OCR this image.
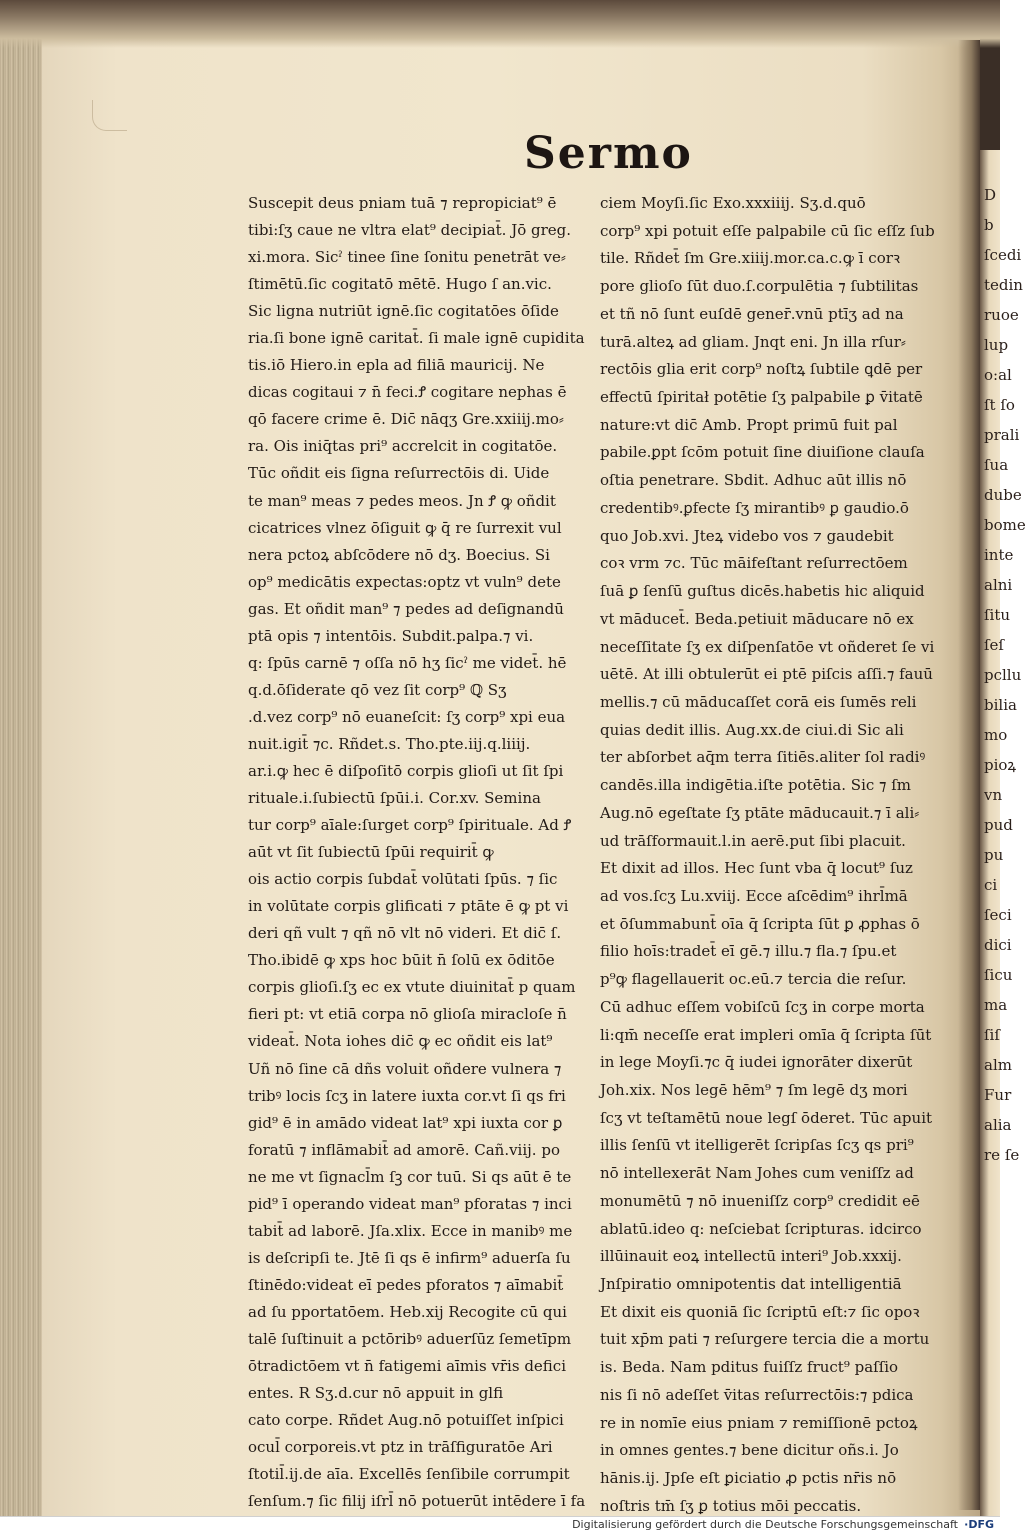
D
b
ſcedi
tedin
ruoe
lup
o:al
ſt ſo
prali
ſua
dube
bome
inte
alni
ſitu
ſeſ
pcllu
bilia
mo
pioꝝ
vn
pud
pu
ci
ſeci
dici
ſicu
ma
ſiſ
alm
Fur
alia
re ſe
Sermo
Suscepit deus pniam tuā ⁊ repropiciat⁹ ē
tibi:ſʒ caue ne vltra elat⁹ decipiat̄. Jō greg.
xi.mora. Sicˀ tinee ſine ſonitu penetrāt ve⸗
ſtimētū.ſic cogitatō mētē. Hugo ſ an.vic.
Sic ligna nutriūt ignē.ſic cogitatōes ōſide
ria.ſi bone ignē caritat̄. ſi male ignē cupidita
tis.iō Hiero.in epla ad filiā mauricij. Ne
dicas cogitaui ⁊ n̄ feci.Ꝭ cogitare nephas ē
qō facere crime ē. Dic̄ nāqʒ Gre.xxiiij.mo⸗
ra. Ois iniq̄tas pri⁹ accrelcit in cogitatōe.
Tūc oñdit eis ſigna reſurrectōis di. Uide
te man⁹ meas ⁊ pedes meos. Jn Ꝭ ꝙ oñdit
cicatrices vlnez ōſiguit ꝙ q̄ re ſurrexit vul
nera pctoꝝ abſcōdere nō dʒ. Boecius. Si
op⁹ medicātis expectas:optz vt vuln⁹ dete
gas. Et oñdit man⁹ ⁊ pedes ad deſignandū
ptā opis ⁊ intentōis. Subdit.palpa.⁊ vi.
q: ſpūs carnē ⁊ oſſa nō hʒ ſicˀ me videt̄. hē
q.d.ōſiderate qō vez ſit corp⁹ ℚ Sʒ
.d.vez corp⁹ nō euaneſcit: ſʒ corp⁹ xpi eua
nuit.igit̄ ⁊c. Rñdet.s. Tho.pte.iij.q.liiij.
ar.i.ꝙ hec ē diſpoſitō corpis glioſi ut ſit ſpi
rituale.i.ſubiectū ſpūi.i. Cor.xv. Semina
tur corp⁹ aīale:ſurget corp⁹ ſpirituale. Ad Ꝭ
aūt vt ſit ſubiectū ſpūi requirit̄ ꝙ
ois actio corpis ſubdat̄ volūtati ſpūs. ⁊ ſic
in volūtate corpis glificati ⁊ ptāte ē ꝙ pt vi
deri qñ vult ⁊ qñ nō vlt nō videri. Et dic̄ ſ.
Tho.ibidē ꝙ xps hoc būit n̄ ſolū ex ōditōe
corpis glioſi.ſʒ ec ex vtute diuinitat̄ p quam
fieri pt: vt etiā corpa nō glioſa miracloſe n̄
videat̄. Nota iohes dic̄ ꝙ ec oñdit eis lat⁹
Uñ nō ſine cā dñs voluit oñdere vulnera ⁊
tribꝰ locis ſcʒ in latere iuxta cor.vt ſi qs fri
gid⁹ ē in amādo videat lat⁹ xpi iuxta cor ꝑ
foratū ⁊ inflāmabit̄ ad amorē. Cañ.viij. po
ne me vt ſignacl̄m ſꝫ cor tuū. Si qs aūt ē te
pid⁹ ī operando videat man⁹ pforatas ⁊ inci
tabit̄ ad laborē. Jſa.xlix. Ecce in manibꝰ me
is deſcripſi te. Jtē ſi qs ē infirm⁹ aduerſa ſu
ſtinēdo:videat eī pedes pforatos ⁊ aīmabit̄
ad ſu pportatōem. Heb.xij Recogite cū qui
talē ſuſtinuit a pctōribꝰ aduerſūz ſemetīpm
ōtradictōem vt n̄ fatigemi aīmis vr̄is defici
entes. R Sʒ.d.cur nō appuit in glfi
cato corpe. Rñdet Aug.nō potuiſſet inſpici
ocul̄ corporeis.vt ptz in trāſfiguratōe Ari
ſtotil̄.ij.de aīa. Excellēs ſenſibile corrumpit
ſenſum.⁊ ſic filij iſrl̄ nō potuerūt intēdere ī fa
ciem Moyſi.ſic Exo.xxxiiij. Sʒ.d.quō
corp⁹ xpi potuit eſſe palpabile cū ſic eſſz ſub
tile. Rñdet̄ ſm Gre.xiiij.mor.ca.c.ꝙ ī corꝛ
pore glioſo ſūt duo.ſ.corpulētia ⁊ ſubtilitas
et tñ nō ſunt euſdē gener̄.vnū ptīʒ ad na
turā.alteꝝ ad gliam. Jnqt eni. Jn illa rſur⸗
rectōis glia erit corp⁹ noſtꝝ ſubtile ꝗdē per
effectū ſpiritał potētie ſʒ palpabile ꝑ v̄itatē
nature:vt dic̄ Amb. Propt primū fuit pal
pabile.ꝑpt ſcōm potuit ſine diuiſione clauſa
oſtia penetrare. Sbdit. Adhuc aūt illis nō
credentibꝰ.ꝑfecte ſʒ mirantibꝰ ꝑ gaudio.ō
quo Job.xvi. Jteꝝ videbo vos ⁊ gaudebit
coꝛ vrm ⁊c. Tūc māifeſtant reſurrectōem
ſuā ꝑ ſenſū guſtus dicēs.habetis hic aliquid
vt māducet̄. Beda.petiuit māducare nō ex
neceſſitate ſʒ ex diſpenſatōe vt oñderet ſe vi
uētē. At illi obtulerūt ei ptē piſcis aſſi.⁊ fauū
mellis.⁊ cū māducaſſet corā eis ſumēs reli
quias dedit illis. Aug.xx.de ciui.di Sic ali
ter abſorbet aq̄m terra ſitiēs.aliter ſol radiꝰ
candēs.illa indigētia.iſte potētia. Sic ⁊ ſm
Aug.nō egeſtate ſʒ ptāte māducauit.⁊ ī ali⸗
ud trāſformauit.l.in aerē.put ſibi placuit.
Et dixit ad illos. Hec ſunt vba q̄ locut⁹ ſuz
ad vos.ſcʒ Lu.xviij. Ecce aſcēdim⁹ ihrl̄mā
et ōſummabunt̄ oīa q̄ ſcripta ſūt ꝑ ꝓphas ō
filio hoīs:tradet̄ eī gē.⁊ illu.⁊ fla.⁊ ſpu.et
p⁹ꝙ flagellauerit oc.eū.⁊ tercia die reſur.
Cū adhuc eſſem vobiſcū ſcʒ in corpe morta
li:qm̄ neceſſe erat impleri omīa q̄ ſcripta ſūt
in lege Moyſi.⁊c q̄ iudei ignorāter dixerūt
Joh.xix. Nos legē hēm⁹ ⁊ ſm legē dʒ mori
ſcʒ vt teſtamētū noue legſ ōderet. Tūc apuit
illis ſenſū vt itelligerēt ſcripſas ſcʒ qs pri⁹
nō intellexerāt Nam Johes cum veniſſz ad
monumētū ⁊ nō inueniſſz corp⁹ credidit eē
ablatū.ideo q: neſciebat ſcripturas. idcirco
illūinauit eoꝝ intellectū interi⁹ Job.xxxij.
Jnſpiratio omnipotentis dat intelligentiā
Et dixit eis quoniā ſic ſcriptū eſt:⁊ ſic opoꝛ
tuit xp̄m pati ⁊ reſurgere tercia die a mortu
is. Beda. Nam pditus fuiſſz fruct⁹ paſſio
nis ſi nō adeſſet v̄itas reſurrectōis:⁊ pdica
re in nomīe eius pniam ⁊ remiſſionē pctoꝝ
in omnes gentes.⁊ bene dicitur oñs.i. Jo
hānis.ij. Jpſe eſt ꝑiciatio ꝓ pctis nr̄is nō
noſtris tm̄ ſʒ ꝑ totius mōi peccatis.
Digitalisierung gefördert durch die Deutsche Forschungsgemeinschaft ·DFG
